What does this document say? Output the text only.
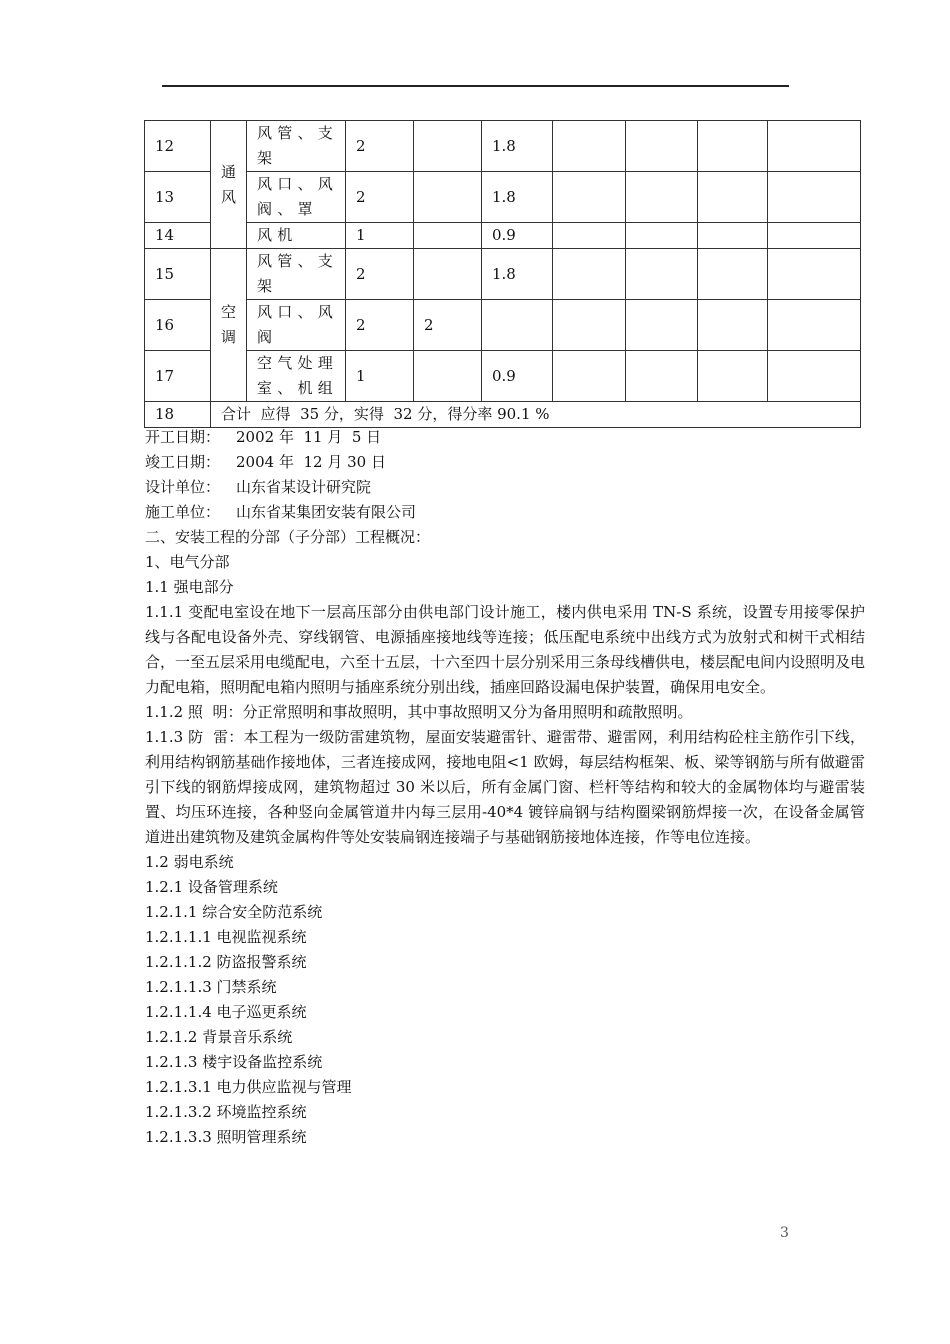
12	通风	风管、支架	2		1.8				
13		风口、风阀、罩	2		1.8				
14		风机	1		0.9				
15	空调	风管、支架	2		1.8				
16		风口、风阀	2	2					
17		空气处理室、机组	1		0.9				
18	合计  应得  35 分，实得  32 分，得分率 90.1 %								

开工日期： 2002 年  11 月  5 日

竣工日期： 2004 年  12 月 30 日

设计单位： 山东省某设计研究院

施工单位： 山东省某集团安装有限公司

二、安装工程的分部（子分部）工程概况：

1、电气分部

1.1 强电部分

1.1.1 变配电室设在地下一层高压部分由供电部门设计施工，楼内供电采用 TN-S 系统，设置专用接零保护线与各配电设备外壳、穿线钢管、电源插座接地线等连接；低压配电系统中出线方式为放射式和树干式相结合，一至五层采用电缆配电，六至十五层，十六至四十层分别采用三条母线槽供电，楼层配电间内设照明及电力配电箱，照明配电箱内照明与插座系统分别出线，插座回路设漏电保护装置，确保用电安全。

1.1.2 照  明：分正常照明和事故照明，其中事故照明又分为备用照明和疏散照明。

1.1.3 防  雷：本工程为一级防雷建筑物，屋面安装避雷针、避雷带、避雷网，利用结构砼柱主筋作引下线，利用结构钢筋基础作接地体，三者连接成网，接地电阻<1 欧姆，每层结构框架、板、梁等钢筋与所有做避雷引下线的钢筋焊接成网，建筑物超过 30 米以后，所有金属门窗、栏杆等结构和较大的金属物体均与避雷装置、均压环连接，各种竖向金属管道井内每三层用-40*4 镀锌扁钢与结构圈梁钢筋焊接一次，在设备金属管道进出建筑物及建筑金属构件等处安装扁钢连接端子与基础钢筋接地体连接，作等电位连接。

1.2 弱电系统

1.2.1 设备管理系统

1.2.1.1 综合安全防范系统

1.2.1.1.1 电视监视系统

1.2.1.1.2 防盗报警系统

1.2.1.1.3 门禁系统

1.2.1.1.4 电子巡更系统

1.2.1.2 背景音乐系统

1.2.1.3 楼宇设备监控系统

1.2.1.3.1 电力供应监视与管理

1.2.1.3.2 环境监控系统

1.2.1.3.3 照明管理系统

3
